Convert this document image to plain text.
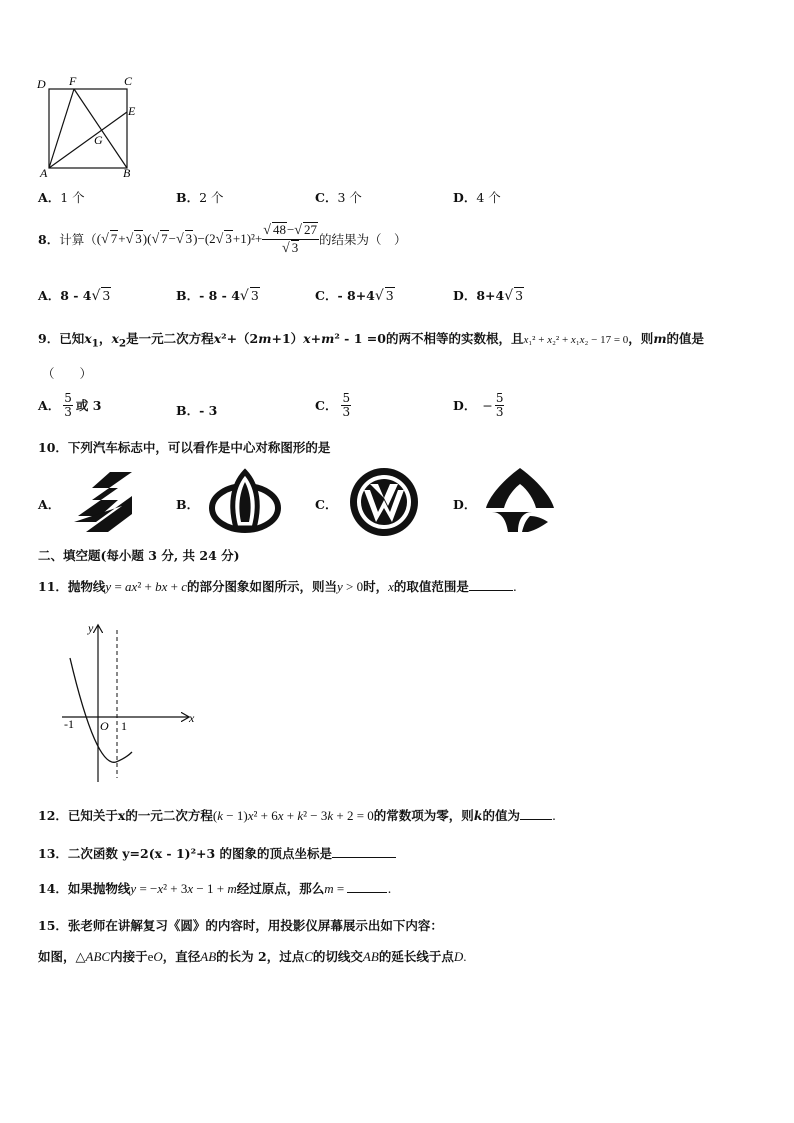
D F	C
E
G
A	B
A．1 个	B．2 个	C．3 个	D．4 个
8． 计算（ (√ 7+√ 3)(√ 7−√ 3)−(2√ $3+1)^2+ \frac{√ 48-√ 27}{√ 3}$ 的结果为（　）
A．8 - 4√ 3	B．- 8 - 4√ 3	C．- 8+4√ 3	D．8+4√ 3
9．已知$x_1$，$x_2$是一元二次方程x²+（2m+1）x+m² - 1 =0的两不相等的实数根，且x₁² + x₂² + x₁x₂ − 17 = 0，则m的值是
（　　）
A． $\frac{5}{3}$ 或 3	B．- 3	C． $\frac{5}{3}$	D． − $\frac{5}{3}$
10．下列汽车标志中，可以看作是中心对称图形的是
A．	B．	C．	D．
二、填空题(每小题 3 分, 共 24 分)
11．抛物线y = ax² + bx + c的部分图象如图所示，则当y > 0时，x的取值范围是	.
y
x
O
-1	1
12．已知关于x的一元二次方程(k − 1)x² + 6x + k² − 3k + 2 = 0的常数项为零，则k的值为	.
13．二次函数 y=2(x - 1)²+3 的图象的顶点坐标是
14．如果抛物线y = −x² + 3x − 1 + m经过原点，那么m =	.
15．张老师在讲解复习《圆》的内容时，用投影仪屏幕展示出如下内容：
如图，△ABC内接于eO，直径AB的长为 2，过点C的切线交AB的延长线于点D.
